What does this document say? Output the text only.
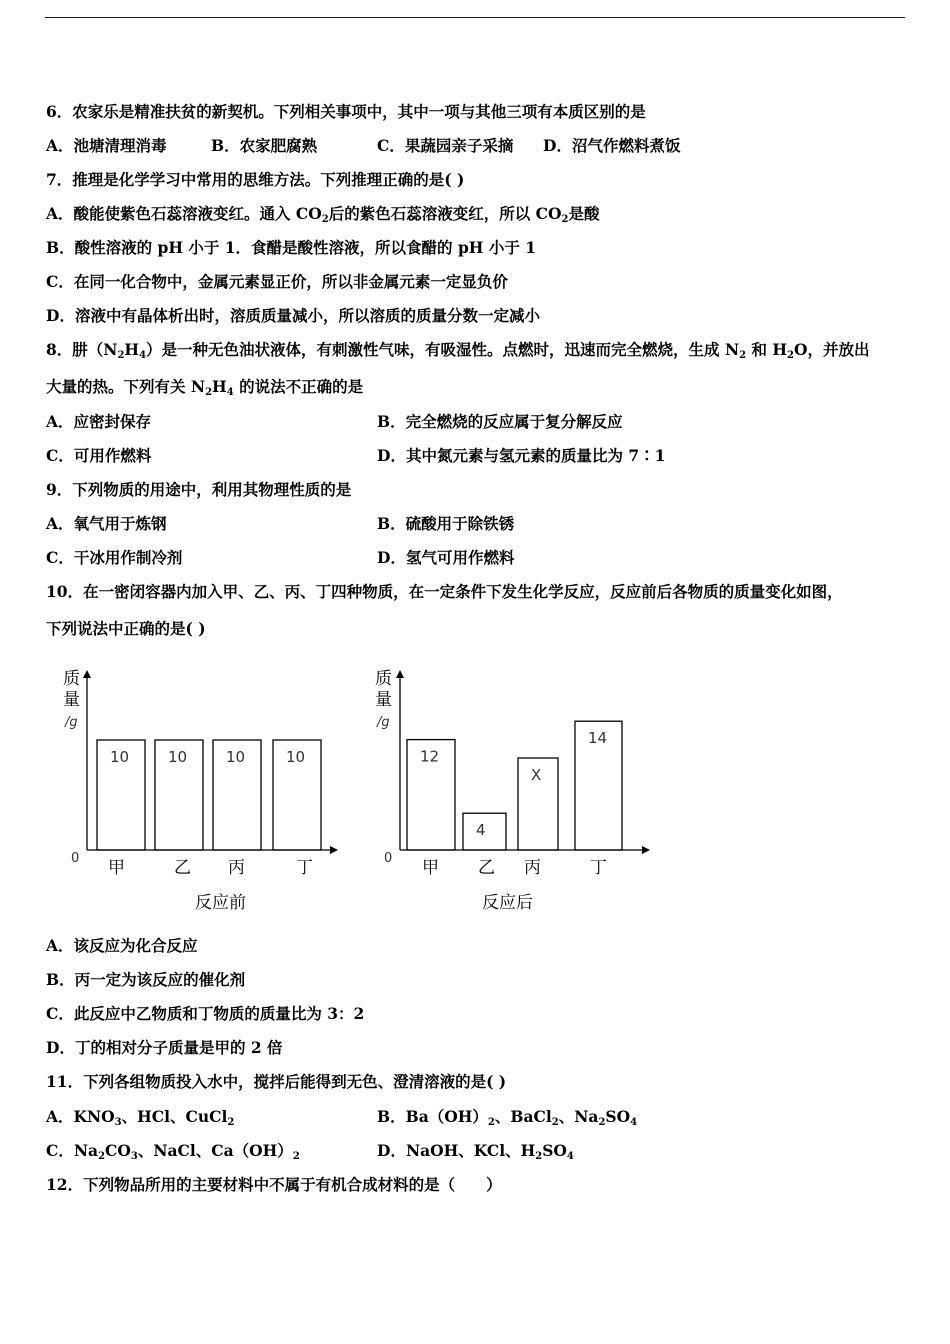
6．农家乐是精准扶贫的新契机。下列相关事项中，其中一项与其他三项有本质区别的是
A．池塘清理消毒	B．农家肥腐熟	C．果蔬园亲子采摘 D．沼气作燃料煮饭
7．推理是化学学习中常用的思维方法。下列推理正确的是( )
A．酸能使紫色石蕊溶液变红。通入 $CO_2$后的紫色石蕊溶液变红，所以 $CO_2$是酸
B．酸性溶液的 pH 小于 1．食醋是酸性溶液，所以食醋的 pH 小于 1
C．在同一化合物中，金属元素显正价，所以非金属元素一定显负价
D．溶液中有晶体析出时，溶质质量减小，所以溶质的质量分数一定减小
8．肼$(N_2H_4)$是一种无色油状液体，有刺激性气味，有吸湿性。点燃时，迅速而完全燃烧，生成 $N_2$ 和 $H_2O$，并放出
大量的热。下列有关 $N_2H_4$ 的说法不正确的是
A．应密封保存	B．完全燃烧的反应属于复分解反应
C．可用作燃料	D．其中氮元素与氢元素的质量比为 7∶1
9．下列物质的用途中，利用其物理性质的是
A．氧气用于炼钢	B．硫酸用于除铁锈
C．干冰用作制冷剂	D．氢气可用作燃料
10．在一密闭容器内加入甲、乙、丙、丁四种物质，在一定条件下发生化学反应，反应前后各物质的质量变化如图，
下列说法中正确的是( )
质
量
/g
0
10
甲
10
乙
10
丙
10
丁
反应前
质
量
/g
0
12
甲
4
乙
X
丙
14
丁
反应后
A．该反应为化合反应
B．丙一定为该反应的催化剂
C．此反应中乙物质和丁物质的质量比为 3：2
D．丁的相对分子质量是甲的 2 倍
11．下列各组物质投入水中，搅拌后能得到无色、澄清溶液的是( )
A．$KNO_3$、HCl、CuCl$_2$	B．$Ba(OH)_2$、BaCl$_2$、$Na_2SO_4$
C．$Na_2CO_3$、NaCl、$Ca(OH)_2$	D．NaOH、KCl、$H_2SO_4$
12．下列物品所用的主要材料中不属于有机合成材料的是（　　）
